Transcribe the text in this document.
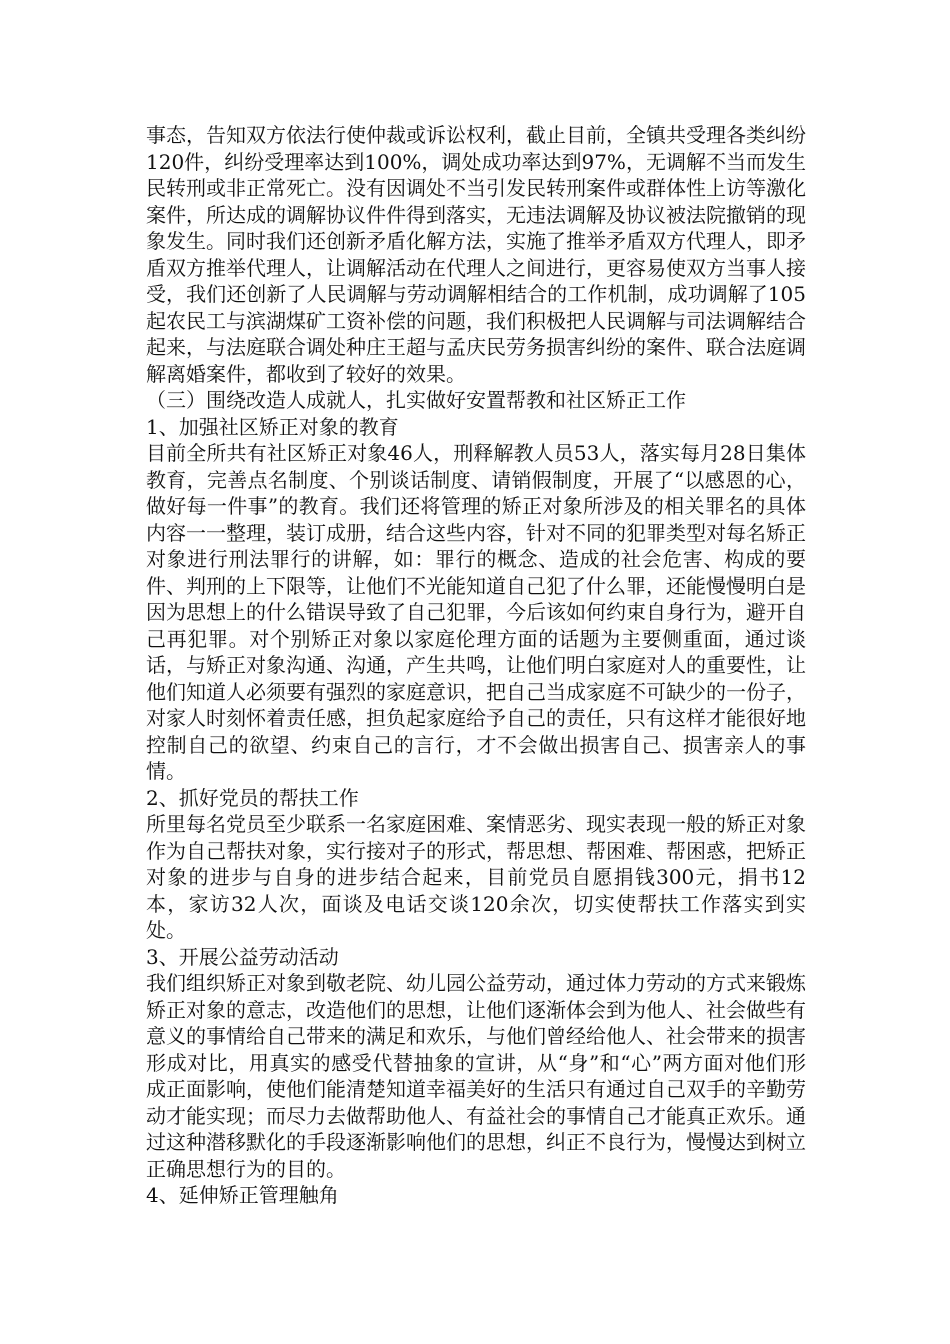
事态，告知双方依法行使仲裁或诉讼权利，截止目前，全镇共受理各类纠纷120件，纠纷受理率达到100%，调处成功率达到97%，无调解不当而发生民转刑或非正常死亡。没有因调处不当引发民转刑案件或群体性上访等激化案件，所达成的调解协议件件得到落实，无违法调解及协议被法院撤销的现象发生。同时我们还创新矛盾化解方法，实施了推举矛盾双方代理人，即矛盾双方推举代理人，让调解活动在代理人之间进行，更容易使双方当事人接受，我们还创新了人民调解与劳动调解相结合的工作机制，成功调解了105起农民工与滨湖煤矿工资补偿的问题，我们积极把人民调解与司法调解结合起来，与法庭联合调处种庄王超与孟庆民劳务损害纠纷的案件、联合法庭调解离婚案件，都收到了较好的效果。

（三）围绕改造人成就人，扎实做好安置帮教和社区矫正工作

1、加强社区矫正对象的教育

目前全所共有社区矫正对象46人，刑释解教人员53人，落实每月28日集体教育，完善点名制度、个别谈话制度、请销假制度，开展了“以感恩的心，做好每一件事”的教育。我们还将管理的矫正对象所涉及的相关罪名的具体内容一一整理，装订成册，结合这些内容，针对不同的犯罪类型对每名矫正对象进行刑法罪行的讲解，如：罪行的概念、造成的社会危害、构成的要件、判刑的上下限等，让他们不光能知道自己犯了什么罪，还能慢慢明白是因为思想上的什么错误导致了自己犯罪，今后该如何约束自身行为，避开自己再犯罪。对个别矫正对象以家庭伦理方面的话题为主要侧重面，通过谈话，与矫正对象沟通、沟通，产生共鸣，让他们明白家庭对人的重要性，让他们知道人必须要有强烈的家庭意识，把自己当成家庭不可缺少的一份子，对家人时刻怀着责任感，担负起家庭给予自己的责任，只有这样才能很好地控制自己的欲望、约束自己的言行，才不会做出损害自己、损害亲人的事情。

2、抓好党员的帮扶工作

所里每名党员至少联系一名家庭困难、案情恶劣、现实表现一般的矫正对象作为自己帮扶对象，实行接对子的形式，帮思想、帮困难、帮困惑，把矫正对象的进步与自身的进步结合起来，目前党员自愿捐钱300元，捐书12本，家访32人次，面谈及电话交谈120余次，切实使帮扶工作落实到实处。

3、开展公益劳动活动

我们组织矫正对象到敬老院、幼儿园公益劳动，通过体力劳动的方式来锻炼矫正对象的意志，改造他们的思想，让他们逐渐体会到为他人、社会做些有意义的事情给自己带来的满足和欢乐，与他们曾经给他人、社会带来的损害形成对比，用真实的感受代替抽象的宣讲，从“身”和“心”两方面对他们形成正面影响，使他们能清楚知道幸福美好的生活只有通过自己双手的辛勤劳动才能实现；而尽力去做帮助他人、有益社会的事情自己才能真正欢乐。通过这种潜移默化的手段逐渐影响他们的思想，纠正不良行为，慢慢达到树立正确思想行为的目的。

4、延伸矫正管理触角
